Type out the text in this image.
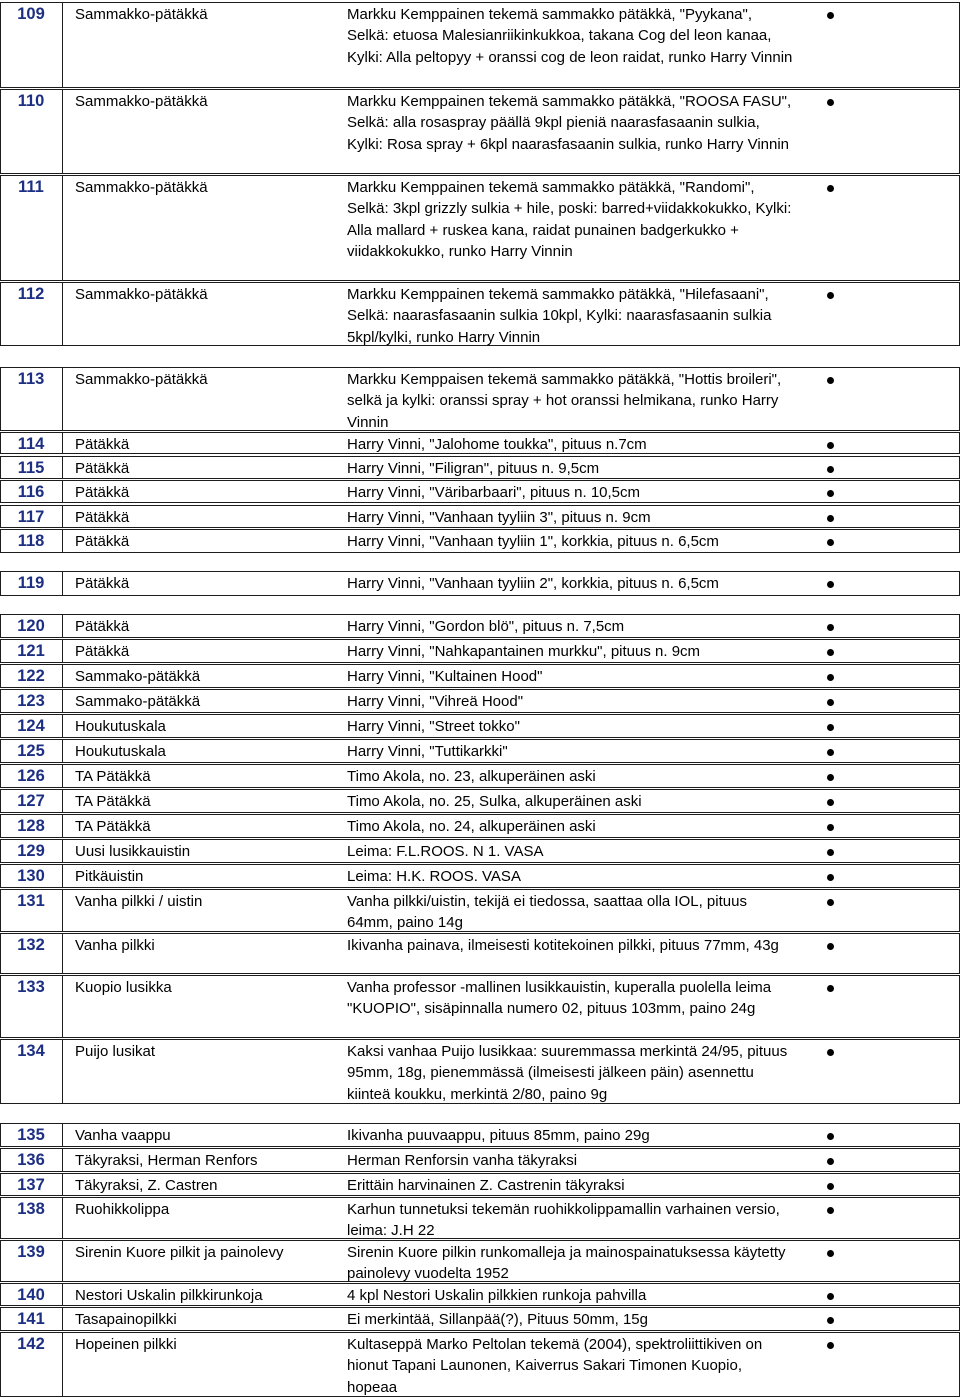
109	Sammakko-pätäkkä	Markku Kemppainen tekemä sammakko pätäkkä, "Pyykana", Selkä: etuosa Malesianriikinkukkoa, takana Cog del leon kanaa, Kylki: Alla peltopyy + oranssi cog de leon raidat, runko Harry Vinnin
110	Sammakko-pätäkkä	Markku Kemppainen tekemä sammakko pätäkkä, "ROOSA FASU", Selkä: alla rosaspray päällä 9kpl pieniä naarasfasaanin sulkia, Kylki: Rosa spray + 6kpl naarasfasaanin sulkia, runko Harry Vinnin
111	Sammakko-pätäkkä	Markku Kemppainen tekemä sammakko pätäkkä, "Randomi", Selkä: 3kpl grizzly sulkia + hile, poski: barred+viidakkokukko, Kylki: Alla mallard + ruskea kana, raidat punainen badgerkukko + viidakkokukko, runko Harry Vinnin
112	Sammakko-pätäkkä	Markku Kemppainen tekemä sammakko pätäkkä, "Hilefasaani", Selkä: naarasfasaanin sulkia 10kpl, Kylki: naarasfasaanin sulkia 5kpl/kylki, runko Harry Vinnin
113	Sammakko-pätäkkä	Markku Kemppaisen tekemä sammakko pätäkkä, "Hottis broileri", selkä ja kylki: oranssi spray + hot oranssi helmikana, runko Harry Vinnin
114	Pätäkkä	Harry Vinni, "Jalohome toukka", pituus n.7cm
115	Pätäkkä	Harry Vinni, "Filigran", pituus n. 9,5cm
116	Pätäkkä	Harry Vinni, "Väribarbaari", pituus n. 10,5cm
117	Pätäkkä	Harry Vinni, "Vanhaan tyyliin 3", pituus n. 9cm
118	Pätäkkä	Harry Vinni, "Vanhaan tyyliin 1", korkkia, pituus n. 6,5cm
119	Pätäkkä	Harry Vinni, "Vanhaan tyyliin 2", korkkia, pituus n. 6,5cm
120	Pätäkkä	Harry Vinni, "Gordon blö", pituus n. 7,5cm
121	Pätäkkä	Harry Vinni, "Nahkapantainen murkku", pituus n. 9cm
122	Sammako-pätäkkä	Harry Vinni, "Kultainen Hood"
123	Sammako-pätäkkä	Harry Vinni, "Vihreä Hood"
124	Houkutuskala	Harry Vinni, "Street tokko"
125	Houkutuskala	Harry Vinni, "Tuttikarkki"
126	TA Pätäkkä	Timo Akola, no. 23, alkuperäinen aski
127	TA Pätäkkä	Timo Akola, no. 25, Sulka, alkuperäinen aski
128	TA Pätäkkä	Timo Akola, no. 24, alkuperäinen aski
129	Uusi lusikkauistin	Leima: F.L.ROOS. N 1. VASA
130	Pitkäuistin	Leima: H.K. ROOS. VASA
131	Vanha pilkki / uistin	Vanha pilkki/uistin, tekijä ei tiedossa, saattaa olla IOL, pituus 64mm, paino 14g
132	Vanha pilkki	Ikivanha painava, ilmeisesti kotitekoinen pilkki, pituus 77mm, 43g
133	Kuopio lusikka	Vanha professor -mallinen lusikkauistin, kuperalla puolella leima "KUOPIO", sisäpinnalla numero 02, pituus 103mm, paino 24g
134	Puijo lusikat	Kaksi vanhaa Puijo lusikkaa: suuremmassa merkintä 24/95, pituus 95mm, 18g, pienemmässä (ilmeisesti jälkeen päin) asennettu kiinteä koukku, merkintä 2/80, paino 9g
135	Vanha vaappu	Ikivanha puuvaappu, pituus 85mm, paino 29g
136	Täkyraksi, Herman Renfors	Herman Renforsin vanha täkyraksi
137	Täkyraksi, Z. Castren	Erittäin harvinainen Z. Castrenin täkyraksi
138	Ruohikkolippa	Karhun tunnetuksi tekemän ruohikkolippamallin varhainen versio, leima: J.H 22
139	Sirenin Kuore pilkit ja painolevy	Sirenin Kuore pilkin runkomalleja ja mainospainatuksessa käytetty painolevy vuodelta 1952
140	Nestori Uskalin pilkkirunkoja	4 kpl Nestori Uskalin pilkkien runkoja pahvilla
141	Tasapainopilkki	Ei merkintää, Sillanpää(?), Pituus 50mm, 15g
142	Hopeinen pilkki	Kultaseppä Marko Peltolan tekemä (2004), spektroliittikiven on hionut Tapani Launonen, Kaiverrus Sakari Timonen Kuopio, hopeaa
